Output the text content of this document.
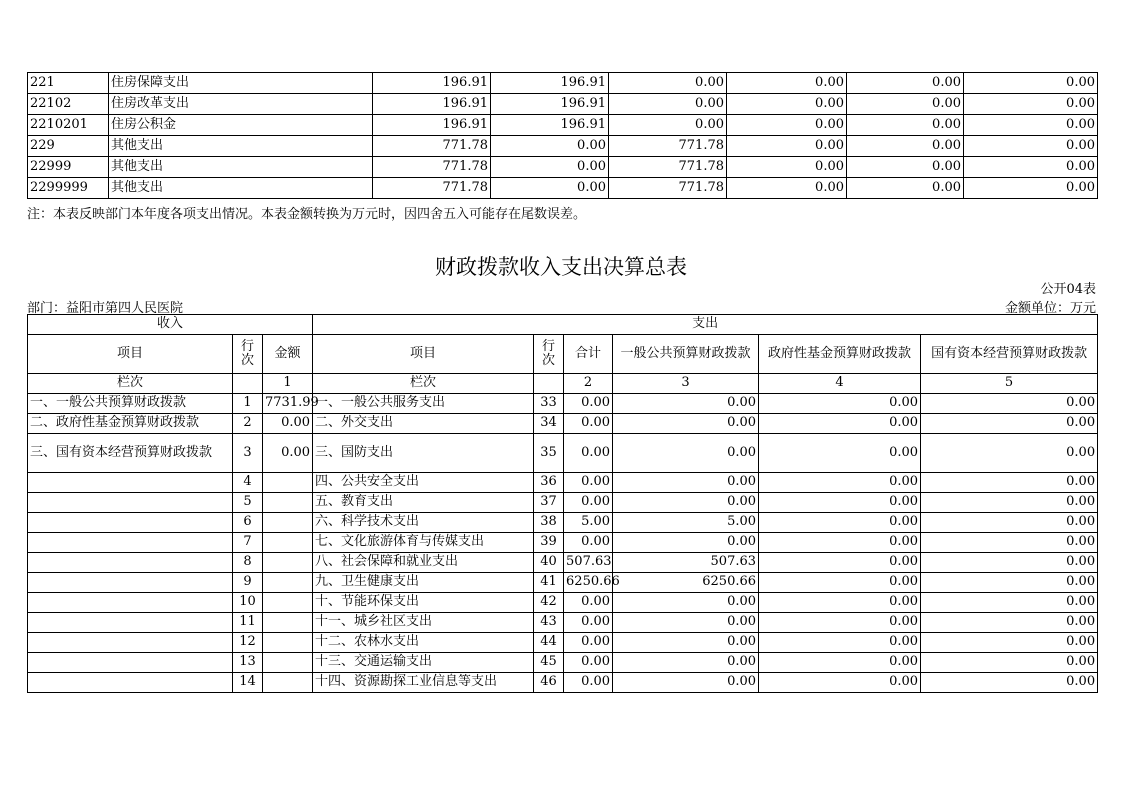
221	住房保障支出	196.91	196.91	0.00	0.00	0.00	0.00
22102	住房改革支出	196.91	196.91	0.00	0.00	0.00	0.00
2210201	住房公积金	196.91	196.91	0.00	0.00	0.00	0.00
229	其他支出	771.78	0.00	771.78	0.00	0.00	0.00
22999	其他支出	771.78	0.00	771.78	0.00	0.00	0.00
2299999	其他支出	771.78	0.00	771.78	0.00	0.00	0.00
注：本表反映部门本年度各项支出情况。本表金额转换为万元时，因四舍五入可能存在尾数误差。
财政拨款收入支出决算总表
公开04表
部门：益阳市第四人民医院	金额单位：万元
收入			支出					
项目	行次	金额	项目	行次	合计	一般公共预算财政拨款	政府性基金预算财政拨款	国有资本经营预算财政拨款
栏次		1	栏次		2	3	4	5
一、一般公共预算财政拨款	1	7731.99	一、一般公共服务支出	33	0.00	0.00	0.00	0.00
二、政府性基金预算财政拨款	2	0.00	二、外交支出	34	0.00	0.00	0.00	0.00
三、国有资本经营预算财政拨款	3	0.00	三、国防支出	35	0.00	0.00	0.00	0.00
	4		四、公共安全支出	36	0.00	0.00	0.00	0.00
	5		五、教育支出	37	0.00	0.00	0.00	0.00
	6		六、科学技术支出	38	5.00	5.00	0.00	0.00
	7		七、文化旅游体育与传媒支出	39	0.00	0.00	0.00	0.00
	8		八、社会保障和就业支出	40	507.63	507.63	0.00	0.00
	9		九、卫生健康支出	41	6250.66	6250.66	0.00	0.00
	10		十、节能环保支出	42	0.00	0.00	0.00	0.00
	11		十一、城乡社区支出	43	0.00	0.00	0.00	0.00
	12		十二、农林水支出	44	0.00	0.00	0.00	0.00
	13		十三、交通运输支出	45	0.00	0.00	0.00	0.00
	14		十四、资源勘探工业信息等支出	46	0.00	0.00	0.00	0.00
